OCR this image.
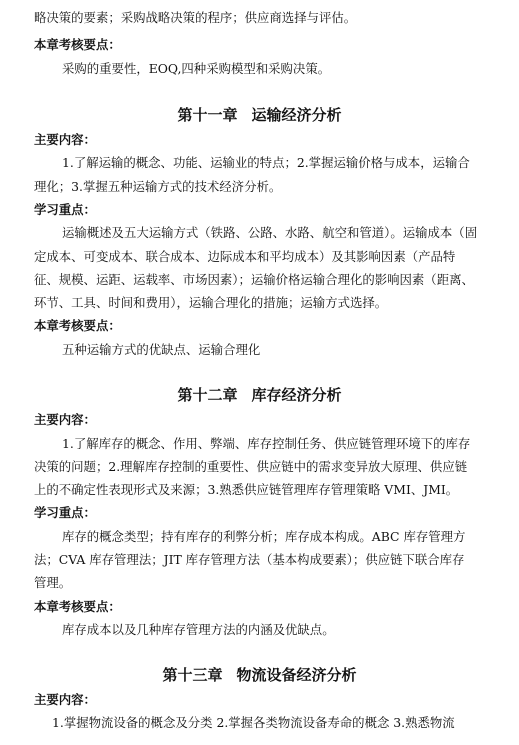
略决策的要素；采购战略决策的程序；供应商选择与评估。
本章考核要点：
采购的重要性，EOQ,四种采购模型和采购决策。
第十一章 运输经济分析
主要内容：
1.了解运输的概念、功能、运输业的特点；2.掌握运输价格与成本，运输合
理化；3.掌握五种运输方式的技术经济分析。
学习重点：
运输概述及五大运输方式（铁路、公路、水路、航空和管道）。运输成本（固
定成本、可变成本、联合成本、边际成本和平均成本）及其影响因素（产品特
征、规模、运距、运载率、市场因素）；运输价格运输合理化的影响因素（距离、
环节、工具、时间和费用），运输合理化的措施；运输方式选择。
本章考核要点：
五种运输方式的优缺点、运输合理化
第十二章 库存经济分析
主要内容：
1.了解库存的概念、作用、弊端、库存控制任务、供应链管理环境下的库存
决策的问题；2.理解库存控制的重要性、供应链中的需求变异放大原理、供应链
上的不确定性表现形式及来源；3.熟悉供应链管理库存管理策略 VMI、JMI。
学习重点：
库存的概念类型；持有库存的利弊分析；库存成本构成。ABC 库存管理方
法；CVA 库存管理法；JIT 库存管理方法（基本构成要素）；供应链下联合库存
管理。
本章考核要点：
库存成本以及几种库存管理方法的内涵及优缺点。
第十三章 物流设备经济分析
主要内容：
1.掌握物流设备的概念及分类 2.掌握各类物流设备寿命的概念 3.熟悉物流
